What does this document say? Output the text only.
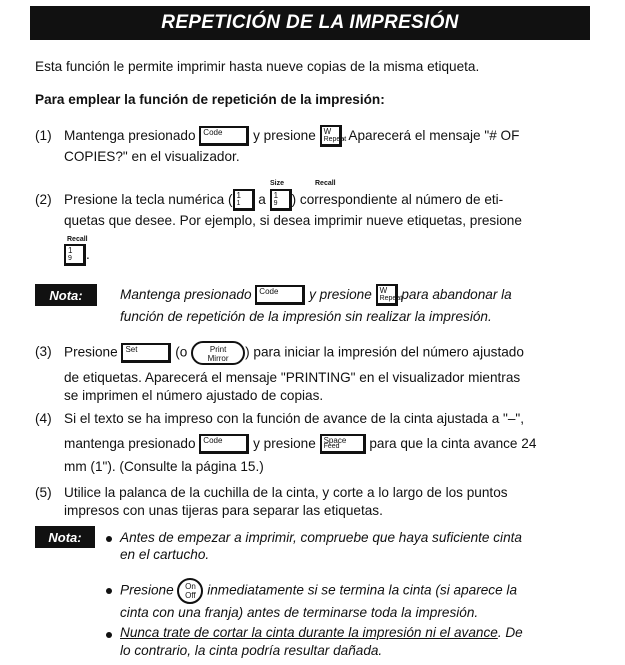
REPETICIÓN DE LA IMPRESIÓN
Esta función le permite imprimir hasta nueve copias de la misma etiqueta.
Para emplear la función de repetición de la impresión:
(1) Mantenga presionado Code y presione W
Repeat
. Aparecerá el mensaje "# OF
COPIES?" en el visualizador.
Size	Recall
(2) Presione la tecla numérica ( 1
1 a 1
9 ) correspondiente al número de eti-
quetas que desee. Por ejemplo, si desea imprimir nueve etiquetas, presione
Recall
1
9 .
Nota:	Mantenga presionado Code y presione W
Repeat para abandonar la
función de repetición de la impresión sin realizar la impresión.
(3) Presione Set	(o	Print
Mirror ) para iniciar la impresión del número ajustado
de etiquetas. Aparecerá el mensaje "PRINTING" en el visualizador mientras
se imprimen el número ajustado de copias.
(4) Si el texto se ha impreso con la función de avance de la cinta ajustada a "–",
mantenga presionado Code y presione Space
Feed para que la cinta avance 24
mm (1"). (Consulte la página 15.)
(5) Utilice la palanca de la cuchilla de la cinta, y corte a lo largo de los puntos
impresos con unas tijeras para separar las etiquetas.
Nota:	Antes de empezar a imprimir, compruebe que haya suficiente cinta
en el cartucho.
Presione On
Off inmediatamente si se termina la cinta (si aparece la
cinta con una franja) antes de terminarse toda la impresión.
Nunca trate de cortar la cinta durante la impresión ni el avance. De
lo contrario, la cinta podría resultar dañada.
